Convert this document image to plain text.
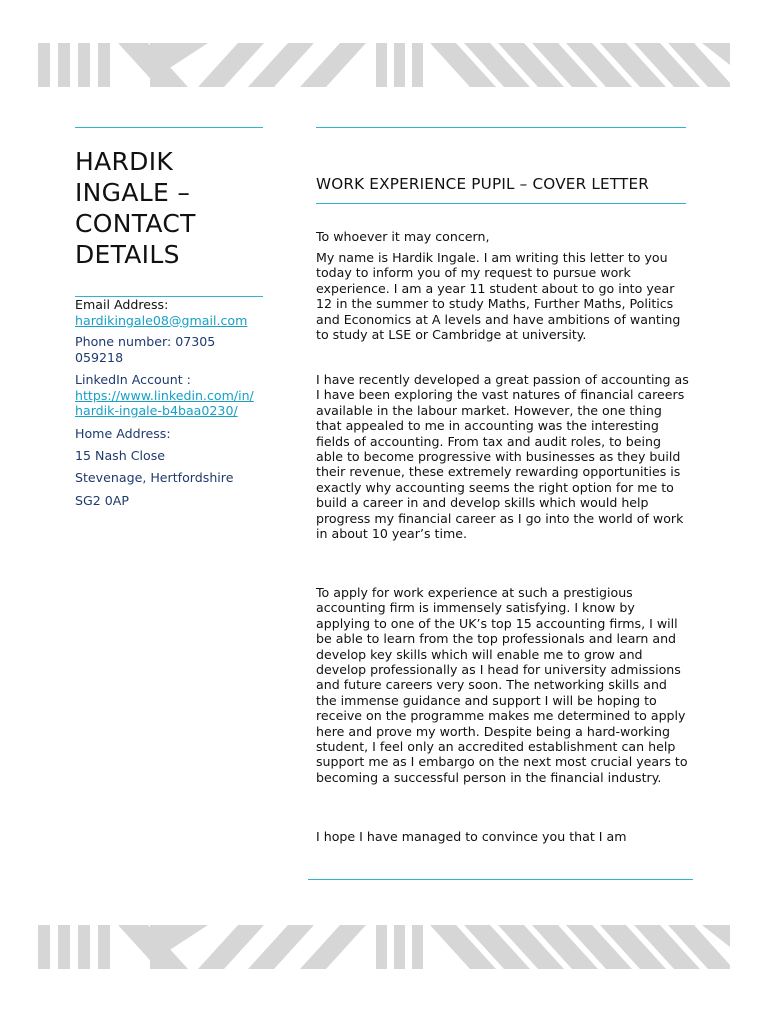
HARDIK
INGALE –
CONTACT
DETAILS
Email Address:
hardikingale08@gmail.com
Phone number: 07305
059218
LinkedIn Account :
https://www.linkedin.com/in/
hardik-ingale-b4baa0230/
Home Address:
15 Nash Close
Stevenage, Hertfordshire
SG2 0AP
WORK EXPERIENCE PUPIL – COVER LETTER
To whoever it may concern,
My name is Hardik Ingale. I am writing this letter to you today to inform you of my request to pursue work experience. I am a year 11 student about to go into year 12 in the summer to study Maths, Further Maths, Politics and Economics at A levels and have ambitions of wanting to study at LSE or Cambridge at university.
I have recently developed a great passion of accounting as I have been exploring the vast natures of financial careers available in the labour market. However, the one thing that appealed to me in accounting was the interesting fields of accounting. From tax and audit roles, to being able to become progressive with businesses as they build their revenue, these extremely rewarding opportunities is exactly why accounting seems the right option for me to build a career in and develop skills which would help progress my financial career as I go into the world of work in about 10 year’s time.
To apply for work experience at such a prestigious accounting firm is immensely satisfying. I know by applying to one of the UK’s top 15 accounting firms, I will be able to learn from the top professionals and learn and develop key skills which will enable me to grow and develop professionally as I head for university admissions and future careers very soon. The networking skills and the immense guidance and support I will be hoping to receive on the programme makes me determined to apply here and prove my worth. Despite being a hard-working student, I feel only an accredited establishment can help support me as I embargo on the next most crucial years to becoming a successful person in the financial industry.
I hope I have managed to convince you that I am
